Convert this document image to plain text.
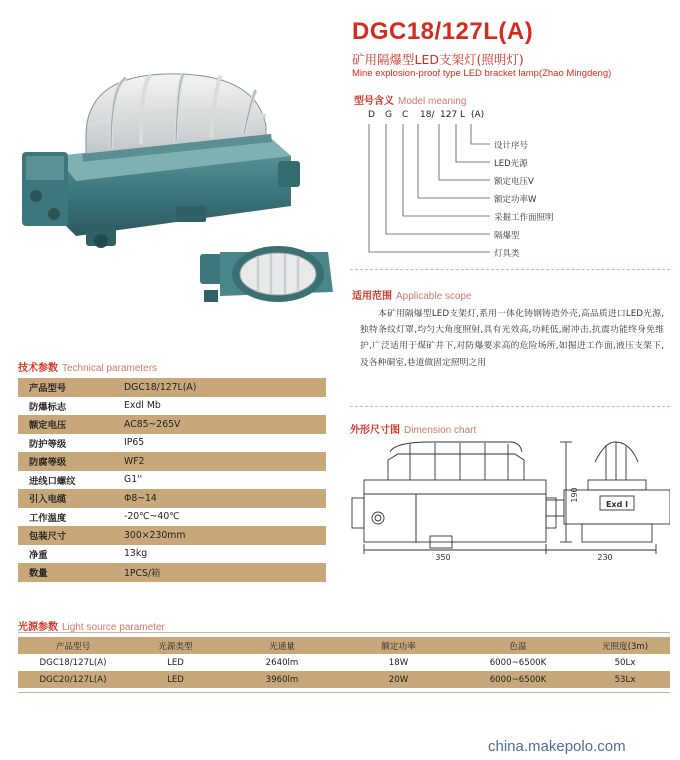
DGC18/127L(A)
矿用隔爆型LED支架灯(照明灯)
Mine explosion-proof type LED bracket lamp(Zhao Mingdeng)
型号含义 Model meaning
D G C 18/ 127 L (A)
设计序号
LED光源
额定电压V
额定功率W
采掘工作面照明
隔爆型
灯具类
适用范围 Applicable scope
本矿用隔爆型LED支架灯,系用一体化铸钢铸造外壳,高品质进口LED光源,独特条纹灯罩,均匀大角度照射,具有光效高,功耗低,耐冲击,抗震功能终身免维护,广泛适用于煤矿井下,对防爆要求高的危险场所,如掘进工作面,液压支架下,及各种硐室,巷道做固定照明之用
外形尺寸图 Dimension chart
350
190
230
Exd I
技术参数 Technical parameters
产品型号	DGC18/127L(A)
防爆标志	Exdl Mb
额定电压	AC85~265V
防护等级	IP65
防腐等级	WF2
进线口螺纹	G1''
引入电缆	Φ8~14
工作温度	-20℃~40℃
包装尺寸	300×230mm
净重	13kg
数量	1PCS/箱
光源参数 Light source parameter
产品型号	光源类型	光通量	额定功率	色温	光照度(3m)
DGC18/127L(A)	LED	2640lm	18W	6000~6500K	50Lx
DGC20/127L(A)	LED	3960lm	20W	6000~6500K	53Lx
china.makepolo.com
